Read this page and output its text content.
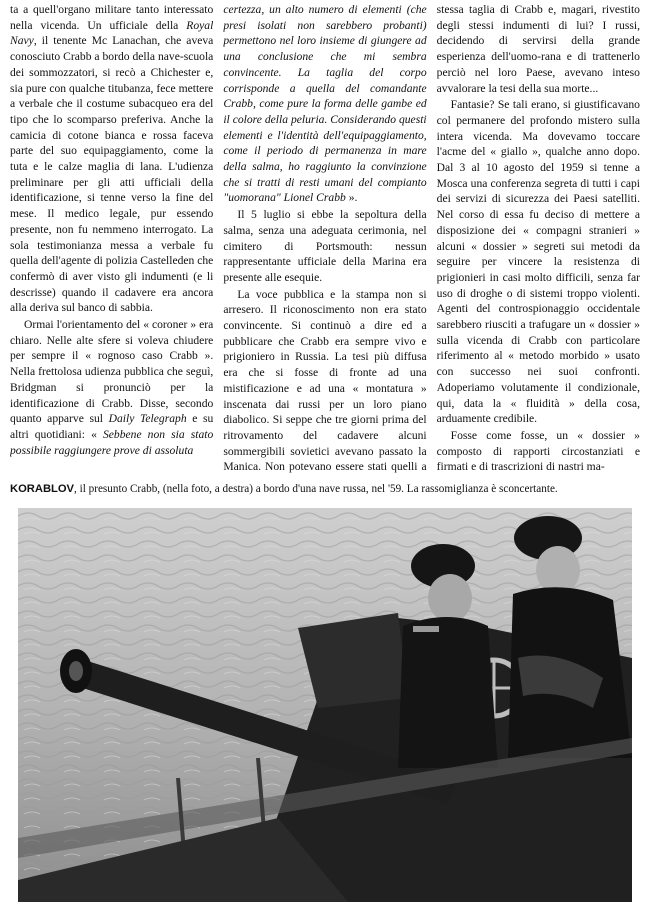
ta a quell'organo militare tanto interessato nella vicenda. Un ufficiale della Royal Navy, il tenente Mc Lanachan, che aveva conosciuto Crabb a bordo della nave-scuola dei sommozzatori, si recò a Chichester e, sia pure con qualche titubanza, fece mettere a verbale che il costume subacqueo era del tipo che lo scomparso preferiva. Anche la camicia di cotone bianca e rossa faceva parte del suo equipaggiamento, come la tuta e le calze maglia di lana. L'udienza preliminare per gli atti ufficiali della identificazione, si tenne verso la fine del mese. Il medico legale, pur essendo presente, non fu nemmeno interrogato. La sola testimonianza messa a verbale fu quella dell'agente di polizia Castelleden che confermò di aver visto gli indumenti (e li descrisse) quando il cadavere era ancora alla deriva sul banco di sabbia.

Ormai l'orientamento del « coroner » era chiaro. Nelle alte sfere si voleva chiudere per sempre il « rognoso caso Crabb ». Nella frettolosa udienza pubblica che seguì, Bridgman si pronunciò per la identificazione di Crabb. Disse, secondo quanto apparve sul Daily Telegraph e su altri quotidiani: « Sebbene non sia stato possibile raggiungere prove di assoluta

certezza, un alto numero di elementi (che presi isolati non sarebbero probanti) permettono nel loro insieme di giungere ad una conclusione che mi sembra convincente. La taglia del corpo corrisponde a quella del comandante Crabb, come pure la forma delle gambe ed il colore della peluria. Considerando questi elementi e l'identità dell'equipaggiamento, come il periodo di permanenza in mare della salma, ho raggiunto la convinzione che si tratti di resti umani del compianto "uomorana" Lionel Crabb ».

Il 5 luglio si ebbe la sepoltura della salma, senza una adeguata cerimonia, nel cimitero di Portsmouth: nessun rappresentante ufficiale della Marina era presente alle esequie.

La voce pubblica e la stampa non si arresero. Il riconoscimento non era stato convincente. Si continuò a dire ed a pubblicare che Crabb era sempre vivo e prigioniero in Russia. La tesi più diffusa era che si fosse di fronte ad una mistificazione e ad una « montatura » inscenata dai russi per un loro piano diabolico. Si seppe che tre giorni prima del ritrovamento del cadavere alcuni sommergibili sovietici avevano passato la Manica. Non potevano essere stati quelli a

stessa taglia di Crabb e, magari, rivestito degli stessi indumenti di lui? I russi, decidendo di servirsi della grande esperienza dell'uomo-rana e di trattenerlo perciò nel loro Paese, avevano inteso avvalorare la tesi della sua morte...

Fantasie? Se tali erano, si giustificavano col permanere del profondo mistero sulla intera vicenda. Ma dovevamo toccare l'acme del « giallo », qualche anno dopo. Dal 3 al 10 agosto del 1959 si tenne a Mosca una conferenza segreta di tutti i capi dei servizi di sicurezza dei Paesi satelliti. Nel corso di essa fu deciso di mettere a disposizione dei « compagni stranieri » alcuni « dossier » segreti sui metodi da seguire per vincere la resistenza di prigionieri in casi molto difficili, senza far uso di droghe o di sistemi troppo violenti. Agenti del controspionaggio occidentale sarebbero riusciti a trafugare un « dossier » sulla vicenda di Crabb con particolare riferimento al « metodo morbido » usato con successo nei suoi confronti. Adoperiamo volutamente il condizionale, qui, data la « fluidità » della cosa, arduamente credibile.

Fosse come fosse, un « dossier » composto di rapporti circostanziati e firmati e di trascrizioni di nastri ma-

KORABLOV, il presunto Crabb, (nella foto, a destra) a bordo d'una nave russa, nel '59. La rassomiglianza è sconcertante.
